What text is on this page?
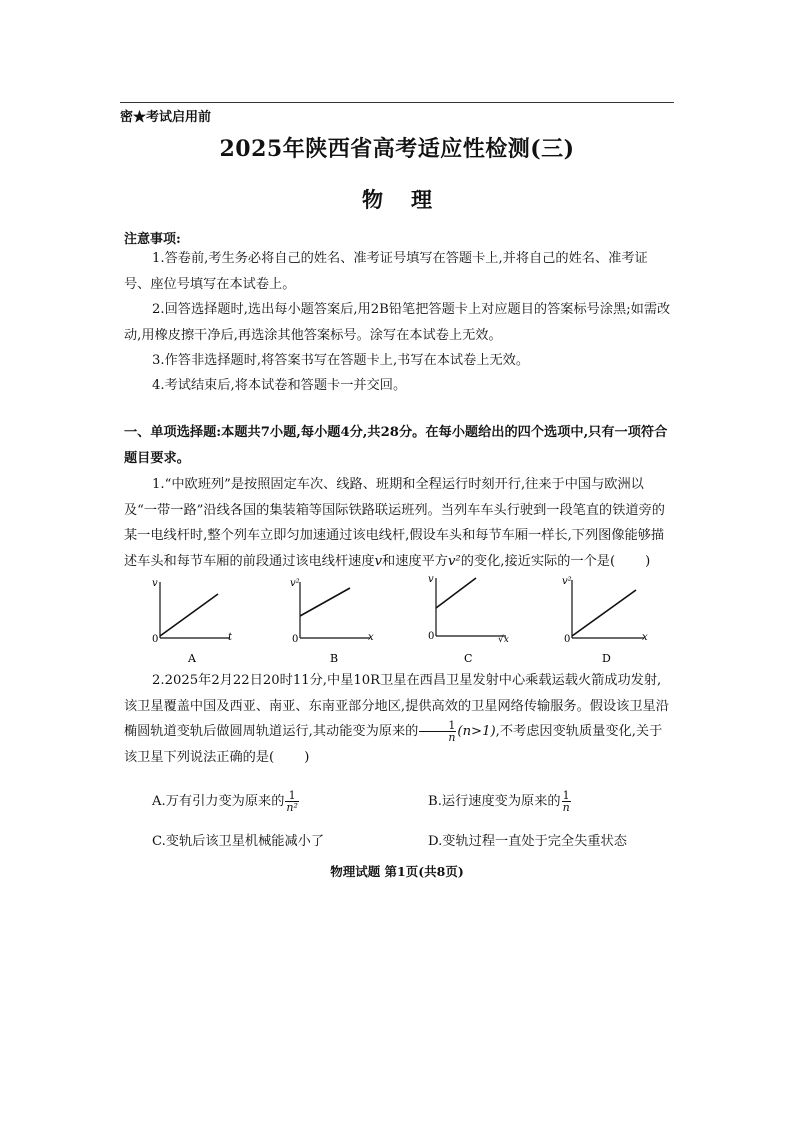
密★考试启用前
2025年陕西省高考适应性检测(三)
物理
注意事项:
1.答卷前,考生务必将自己的姓名、准考证号填写在答题卡上,并将自己的姓名、准考证号、座位号填写在本试卷上。
2.回答选择题时,选出每小题答案后,用2B铅笔把答题卡上对应题目的答案标号涂黑;如需改动,用橡皮擦干净后,再选涂其他答案标号。涂写在本试卷上无效。
3.作答非选择题时,将答案书写在答题卡上,书写在本试卷上无效。
4.考试结束后,将本试卷和答题卡一并交回。
一、单项选择题:本题共7小题,每小题4分,共28分。在每小题给出的四个选项中,只有一项符合题目要求。
1.“中欧班列”是按照固定车次、线路、班期和全程运行时刻开行,往来于中国与欧洲以及“一带一路”沿线各国的集装箱等国际铁路联运班列。当列车车头行驶到一段笔直的铁道旁的某一电线杆时,整个列车立即匀加速通过该电线杆,假设车头和每节车厢一样长,下列图像能够描述车头和每节车厢的前段通过该电线杆速度v和速度平方v²的变化,接近实际的一个是( )
v
t
0
A
v²
x
0
B
v
√x
0
C
v²
x
0
D
2.2025年2月22日20时11分,中星10R卫星在西昌卫星发射中心乘载运载火箭成功发射,该卫星覆盖中国及西亚、南亚、东南亚部分地区,提供高效的卫星网络传输服务。假设该卫星沿椭圆轨道变轨后做圆周轨道运行,其动能变为原来的 $\frac{1}{n} (n>1)$,不考虑因变轨质量变化,关于该卫星下列说法正确的是( )
A.万有引力变为原来的 $\frac{1}{\text{n²}}$	B.运行速度变为原来的 $\frac{1}{n}$
C.变轨后该卫星机械能减小了	D.变轨过程一直处于完全失重状态
物理试题 第1页(共8页)
